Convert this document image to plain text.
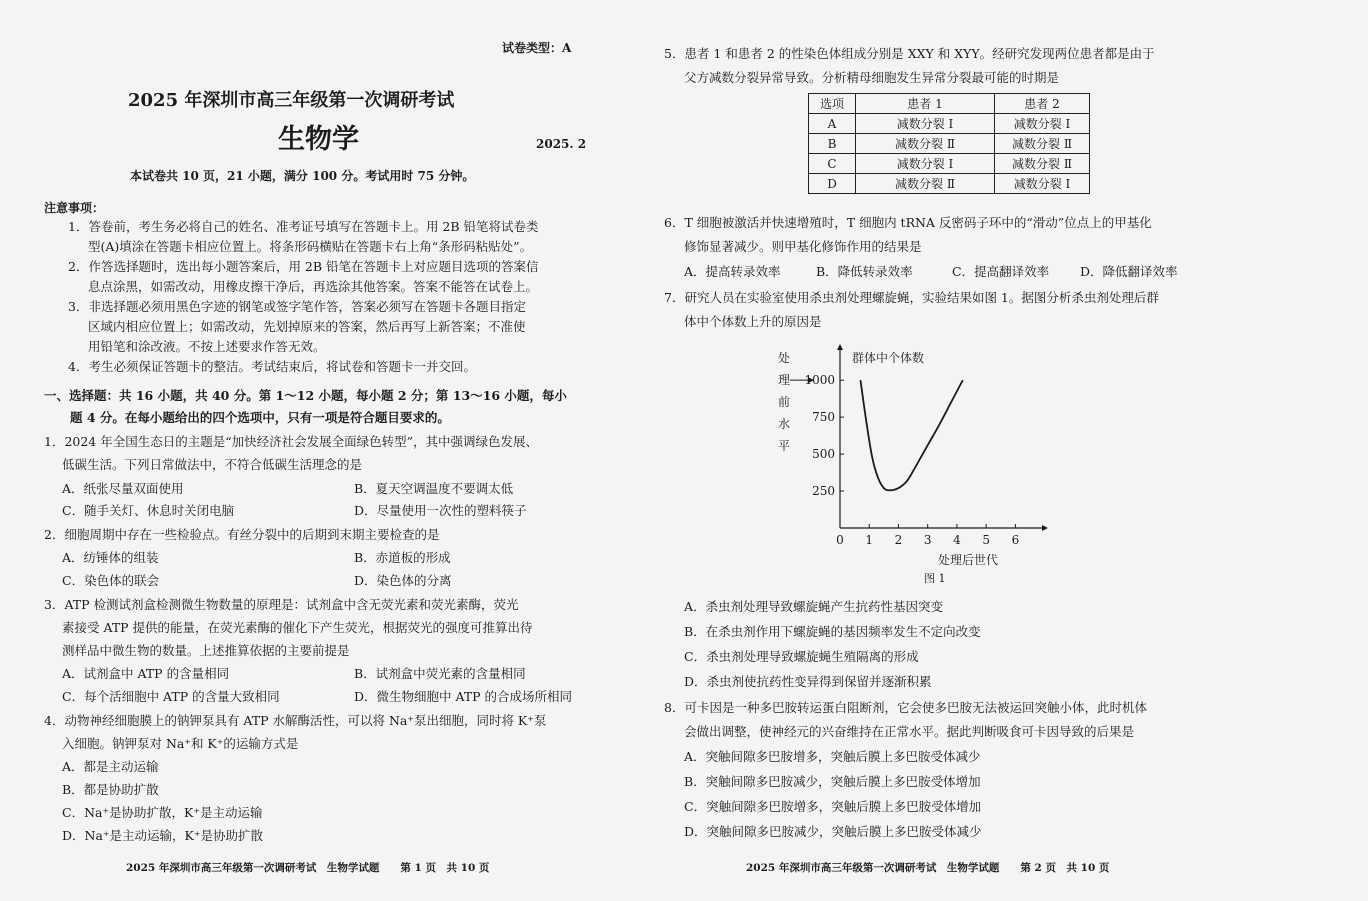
试卷类型：A
2025 年深圳市高三年级第一次调研考试
生物学	2025. 2
本试卷共 10 页，21 小题，满分 100 分。考试用时 75 分钟。
注意事项：
1．答卷前，考生务必将自己的姓名、准考证号填写在答题卡上。用 2B 铅笔将试卷类
型(A)填涂在答题卡相应位置上。将条形码横贴在答题卡右上角“条形码粘贴处”。
2．作答选择题时，选出每小题答案后，用 2B 铅笔在答题卡上对应题目选项的答案信
息点涂黑，如需改动，用橡皮擦干净后，再选涂其他答案。答案不能答在试卷上。
3．非选择题必须用黑色字迹的钢笔或签字笔作答，答案必须写在答题卡各题目指定
区域内相应位置上；如需改动，先划掉原来的答案，然后再写上新答案；不准使
用铅笔和涂改液。不按上述要求作答无效。
4．考生必须保证答题卡的整洁。考试结束后，将试卷和答题卡一并交回。
一、选择题：共 16 小题，共 40 分。第 1～12 小题，每小题 2 分；第 13～16 小题，每小
题 4 分。在每小题给出的四个选项中，只有一项是符合题目要求的。
1．2024 年全国生态日的主题是“加快经济社会发展全面绿色转型”，其中强调绿色发展、
低碳生活。下列日常做法中，不符合低碳生活理念的是
A．纸张尽量双面使用	B．夏天空调温度不要调太低
C．随手关灯、休息时关闭电脑	D．尽量使用一次性的塑料筷子
2．细胞周期中存在一些检验点。有丝分裂中的后期到末期主要检查的是
A．纺锤体的组装	B．赤道板的形成
C．染色体的联会	D．染色体的分离
3．ATP 检测试剂盒检测微生物数量的原理是：试剂盒中含无荧光素和荧光素酶，荧光
素接受 ATP 提供的能量，在荧光素酶的催化下产生荧光，根据荧光的强度可推算出待
测样品中微生物的数量。上述推算依据的主要前提是
A．试剂盒中 ATP 的含量相同	B．试剂盒中荧光素的含量相同
C．每个活细胞中 ATP 的含量大致相同	D．微生物细胞中 ATP 的合成场所相同
4．动物神经细胞膜上的钠钾泵具有 ATP 水解酶活性，可以将 Na⁺泵出细胞，同时将 K⁺泵
入细胞。钠钾泵对 Na⁺和 K⁺的运输方式是
A．都是主动运输
B．都是协助扩散
C．Na⁺是协助扩散，K⁺是主动运输
D．Na⁺是主动运输，K⁺是协助扩散
2025 年深圳市高三年级第一次调研考试　生物学试题　　第 1 页　共 10 页
5．患者 1 和患者 2 的性染色体组成分别是 XXY 和 XYY。经研究发现两位患者都是由于
父方减数分裂异常导致。分析精母细胞发生异常分裂最可能的时期是
选项	患者 1	患者 2
A	减数分裂 Ⅰ	减数分裂 Ⅰ
B	减数分裂 Ⅱ	减数分裂 Ⅱ
C	减数分裂 Ⅰ	减数分裂 Ⅱ
D	减数分裂 Ⅱ	减数分裂 Ⅰ
6．T 细胞被激活并快速增殖时，T 细胞内 tRNA 反密码子环中的“滑动”位点上的甲基化
修饰显著减少。则甲基化修饰作用的结果是
A．提高转录效率	B．降低转录效率	C．提高翻译效率 D．降低翻译效率
7．研究人员在实验室使用杀虫剂处理螺旋蝇，实验结果如图 1。据图分析杀虫剂处理后群
体中个体数上升的原因是
0 1 2 3 4 5 6
250
500
750
1000
群体中个体数
处理后世代
图 1
处
理
前
水
平
A．杀虫剂处理导致螺旋蝇产生抗药性基因突变
B．在杀虫剂作用下螺旋蝇的基因频率发生不定向改变
C．杀虫剂处理导致螺旋蝇生殖隔离的形成
D．杀虫剂使抗药性变异得到保留并逐渐积累
8．可卡因是一种多巴胺转运蛋白阻断剂，它会使多巴胺无法被运回突触小体，此时机体
会做出调整，使神经元的兴奋维持在正常水平。据此判断吸食可卡因导致的后果是
A．突触间隙多巴胺增多，突触后膜上多巴胺受体减少
B．突触间隙多巴胺减少，突触后膜上多巴胺受体增加
C．突触间隙多巴胺增多，突触后膜上多巴胺受体增加
D．突触间隙多巴胺减少，突触后膜上多巴胺受体减少
2025 年深圳市高三年级第一次调研考试　生物学试题　　第 2 页　共 10 页
